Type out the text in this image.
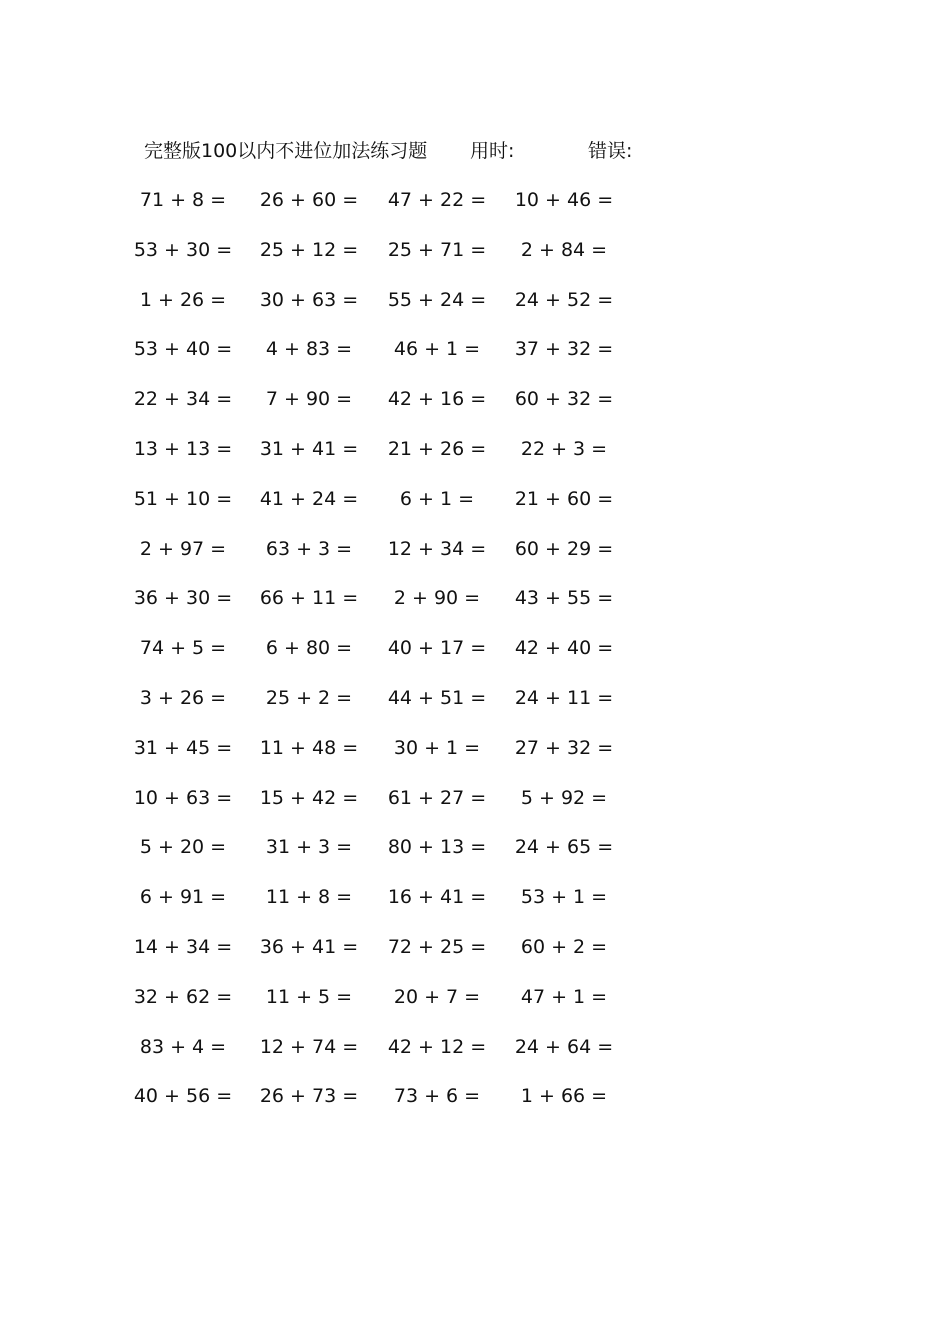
完整版100以内不进位加法练习题 用时:	错误:
71 + 8 =	26 + 60 =	47 + 22 =	10 + 46 =
53 + 30 =	25 + 12 =	25 + 71 =	2 + 84 =
1 + 26 =	30 + 63 =	55 + 24 =	24 + 52 =
53 + 40 =	4 + 83 =	46 + 1 =	37 + 32 =
22 + 34 =	7 + 90 =	42 + 16 =	60 + 32 =
13 + 13 =	31 + 41 =	21 + 26 =	22 + 3 =
51 + 10 =	41 + 24 =	6 + 1 =	21 + 60 =
2 + 97 =	63 + 3 =	12 + 34 =	60 + 29 =
36 + 30 =	66 + 11 =	2 + 90 =	43 + 55 =
74 + 5 =	6 + 80 =	40 + 17 =	42 + 40 =
3 + 26 =	25 + 2 =	44 + 51 =	24 + 11 =
31 + 45 =	11 + 48 =	30 + 1 =	27 + 32 =
10 + 63 =	15 + 42 =	61 + 27 =	5 + 92 =
5 + 20 =	31 + 3 =	80 + 13 =	24 + 65 =
6 + 91 =	11 + 8 =	16 + 41 =	53 + 1 =
14 + 34 =	36 + 41 =	72 + 25 =	60 + 2 =
32 + 62 =	11 + 5 =	20 + 7 =	47 + 1 =
83 + 4 =	12 + 74 =	42 + 12 =	24 + 64 =
40 + 56 =	26 + 73 =	73 + 6 =	1 + 66 =
